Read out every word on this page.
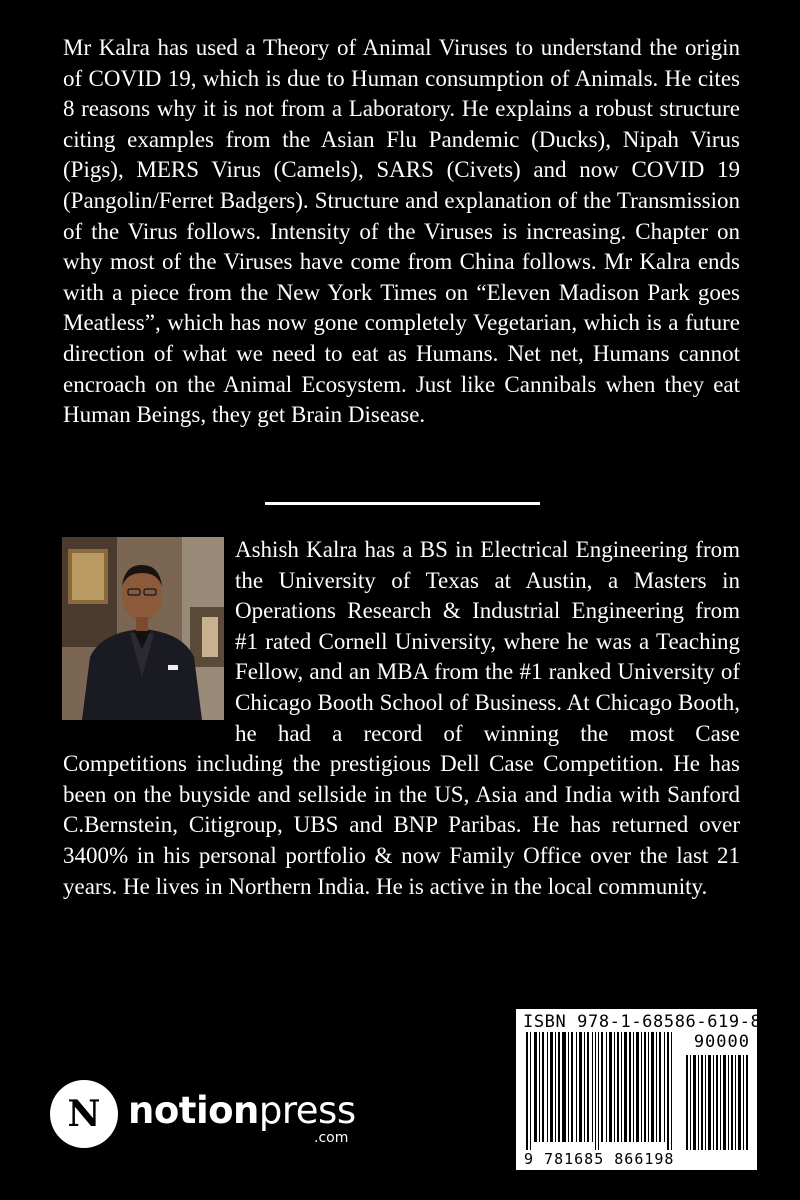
Mr Kalra has used a Theory of Animal Viruses to understand the origin of COVID 19, which is due to Human consumption of Animals. He cites 8 reasons why it is not from a Laboratory. He explains a robust structure citing examples from the Asian Flu Pandemic (Ducks), Nipah Virus (Pigs), MERS Virus (Camels), SARS (Civets) and now COVID 19 (Pangolin/Ferret Badgers). Structure and explanation of the Transmission of the Virus follows. Intensity of the Viruses is increasing. Chapter on why most of the Viruses have come from China follows. Mr Kalra ends with a piece from the New York Times on “Eleven Madison Park goes Meatless”, which has now gone completely Vegetarian, which is a future direction of what we need to eat as Humans. Net net, Humans cannot encroach on the Animal Ecosystem. Just like Cannibals when they eat Human Beings, they get Brain Disease.

Ashish Kalra has a BS in Electrical Engineering from the University of Texas at Austin, a Masters in Operations Research & Industrial Engineering from #1 rated Cornell University, where he was a Teaching Fellow, and an MBA from the #1 ranked University of Chicago Booth School of Business. At Chicago Booth, he had a record of winning the most Case Competitions including the prestigious Dell Case Competition. He has been on the buyside and sellside in the US, Asia and India with Sanford C.Bernstein, Citigroup, UBS and BNP Paribas. He has returned over 3400% in his personal portfolio & now Family Office over the last 21 years. He lives in Northern India. He is active in the local community.

ISBN 978-1-68586-619-8
90000
9 781685 866198
N notionpress
.com
